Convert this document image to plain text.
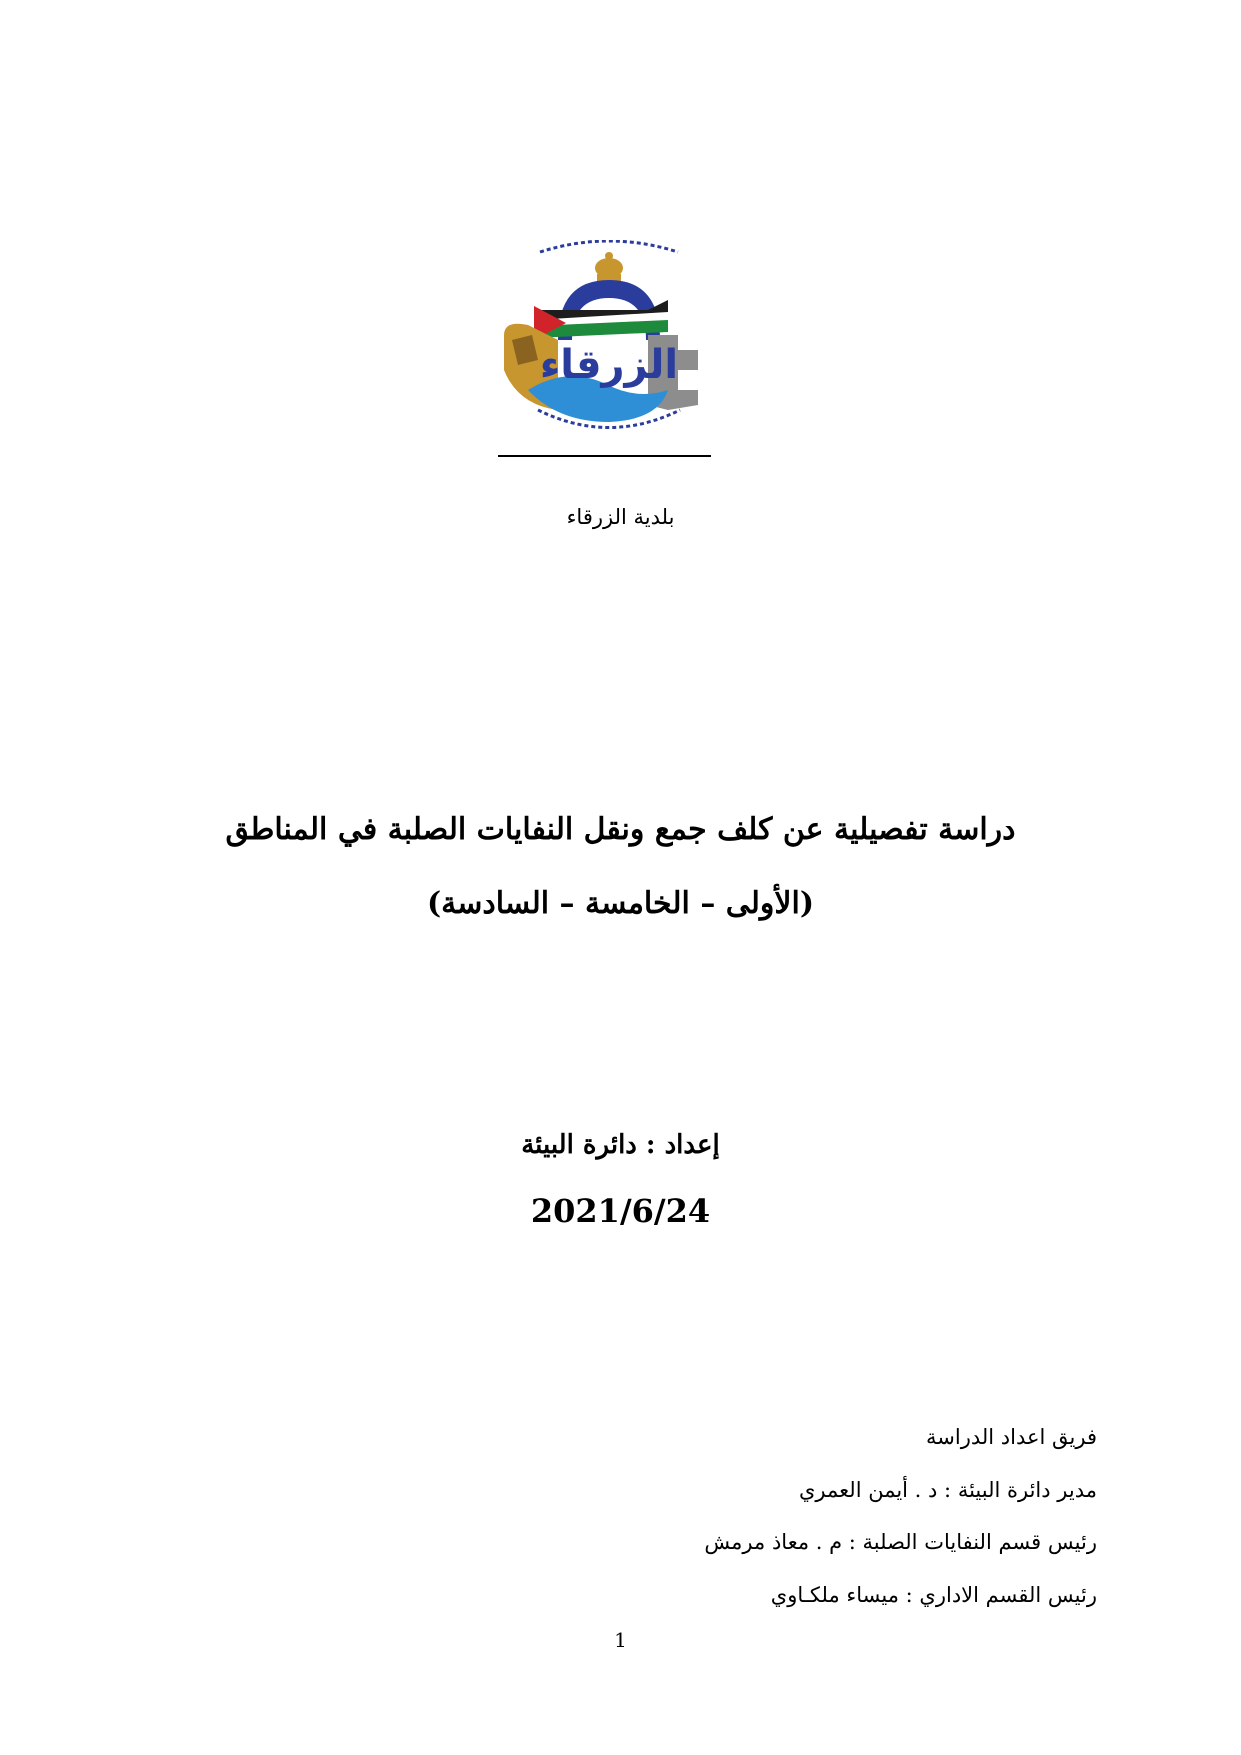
الزرقاء
بلدية الزرقاء
دراسة تفصيلية عن كلف جمع ونقل النفايات الصلبة في المناطق
(الأولى – الخامسة – السادسة)
إعداد : دائرة البيئة
2021/6/24
فريق اعداد الدراسة
مدير دائرة البيئة : د . أيمن العمري
رئيس قسم النفايات الصلبة : م . معاذ مرمش
رئيس القسم الاداري : ميساء ملكـاوي
1
